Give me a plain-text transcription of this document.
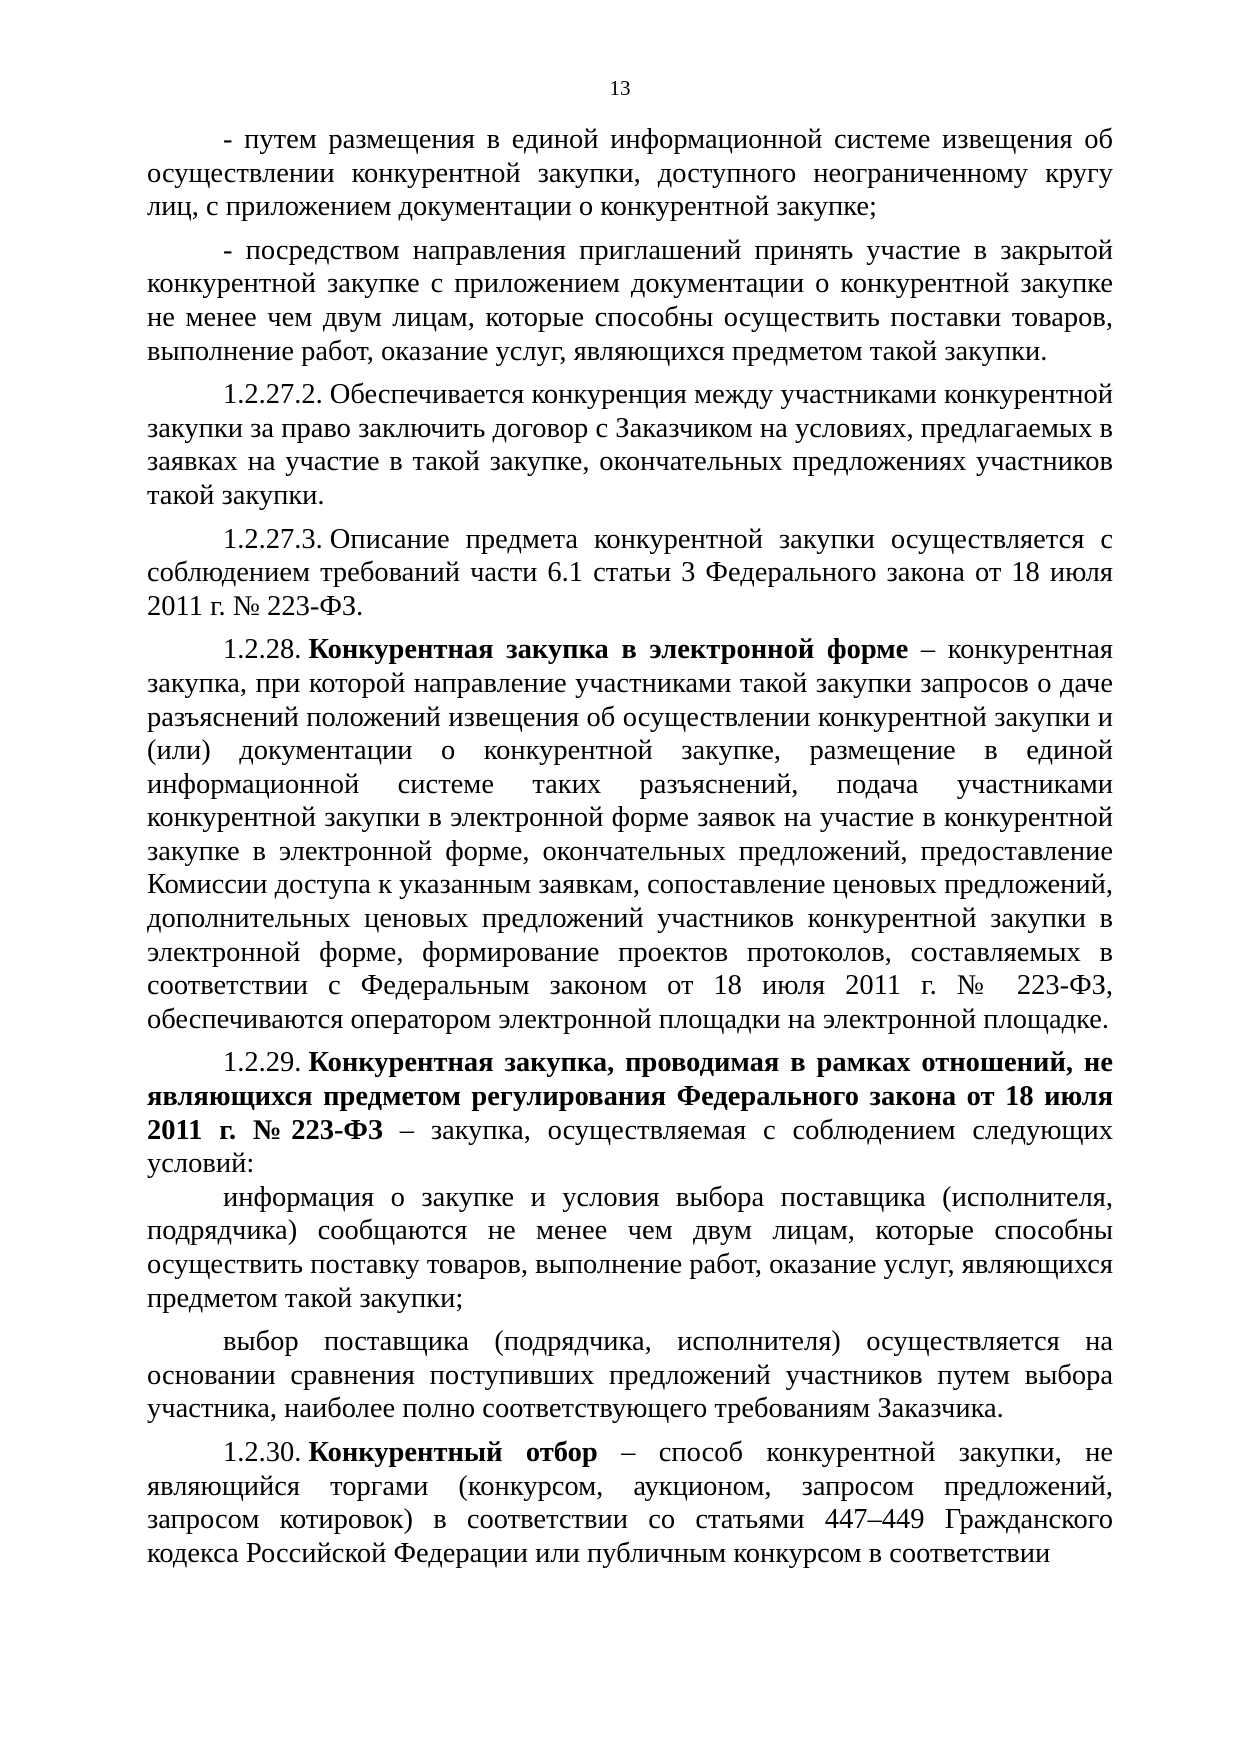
13

- путем размещения в единой информационной системе извещения об осуществлении конкурентной закупки, доступного неограниченному кругу лиц, с приложением документации о конкурентной закупке;

- посредством направления приглашений принять участие в закрытой конкурентной закупке с приложением документации о конкурентной закупке не менее чем двум лицам, которые способны осуществить поставки товаров, выполнение работ, оказание услуг, являющихся предметом такой закупки.

1.2.27.2. Обеспечивается конкуренция между участниками конкурентной закупки за право заключить договор с Заказчиком на условиях, предлагаемых в заявках на участие в такой закупке, окончательных предложениях участников такой закупки.

1.2.27.3. Описание предмета конкурентной закупки осуществляется с соблюдением требований части 6.1 статьи 3 Федерального закона от 18 июля 2011 г. № 223-ФЗ.

1.2.28. Конкурентная закупка в электронной форме – конкурентная закупка, при которой направление участниками такой закупки запросов о даче разъяснений положений извещения об осуществлении конкурентной закупки и (или) документации о конкурентной закупке, размещение в единой информационной системе таких разъяснений, подача участниками конкурентной закупки в электронной форме заявок на участие в конкурентной закупке в электронной форме, окончательных предложений, предоставление Комиссии доступа к указанным заявкам, сопоставление ценовых предложений, дополнительных ценовых предложений участников конкурентной закупки в электронной форме, формирование проектов протоколов, составляемых в соответствии с Федеральным законом от 18 июля 2011 г. № 223-ФЗ, обеспечиваются оператором электронной площадки на электронной площадке.

1.2.29. Конкурентная закупка, проводимая в рамках отношений, не являющихся предметом регулирования Федерального закона от 18 июля 2011 г. №223-ФЗ – закупка, осуществляемая с соблюдением следующих условий:

информация о закупке и условия выбора поставщика (исполнителя, подрядчика) сообщаются не менее чем двум лицам, которые способны осуществить поставку товаров, выполнение работ, оказание услуг, являющихся предметом такой закупки;

выбор поставщика (подрядчика, исполнителя) осуществляется на основании сравнения поступивших предложений участников путем выбора участника, наиболее полно соответствующего требованиям Заказчика.

1.2.30. Конкурентный отбор – способ конкурентной закупки, не являющийся торгами (конкурсом, аукционом, запросом предложений, запросом котировок) в соответствии со статьями 447–449 Гражданского кодекса Российской Федерации или публичным конкурсом в соответствии
